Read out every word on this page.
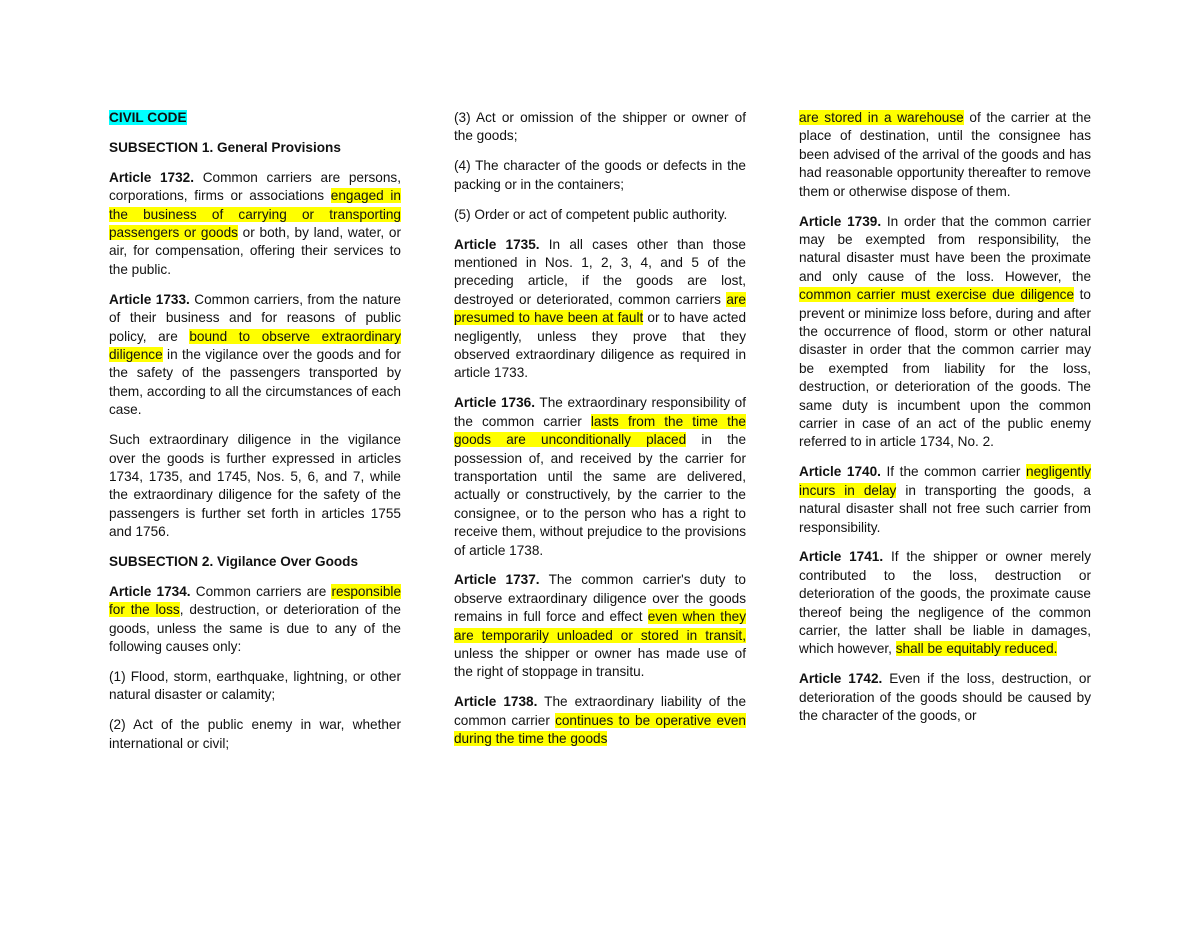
CIVIL CODE

SUBSECTION 1. General Provisions

Article 1732. Common carriers are persons, corporations, firms or associations engaged in the business of carrying or transporting passengers or goods or both, by land, water, or air, for compensation, offering their services to the public.

Article 1733. Common carriers, from the nature of their business and for reasons of public policy, are bound to observe extraordinary diligence in the vigilance over the goods and for the safety of the passengers transported by them, according to all the circumstances of each case.

Such extraordinary diligence in the vigilance over the goods is further expressed in articles 1734, 1735, and 1745, Nos. 5, 6, and 7, while the extraordinary diligence for the safety of the passengers is further set forth in articles 1755 and 1756.

SUBSECTION 2. Vigilance Over Goods

Article 1734. Common carriers are responsible for the loss, destruction, or deterioration of the goods, unless the same is due to any of the following causes only:

(1) Flood, storm, earthquake, lightning, or other natural disaster or calamity;

(2) Act of the public enemy in war, whether international or civil;

(3) Act or omission of the shipper or owner of the goods;

(4) The character of the goods or defects in the packing or in the containers;

(5) Order or act of competent public authority.

Article 1735. In all cases other than those mentioned in Nos. 1, 2, 3, 4, and 5 of the preceding article, if the goods are lost, destroyed or deteriorated, common carriers are presumed to have been at fault or to have acted negligently, unless they prove that they observed extraordinary diligence as required in article 1733.

Article 1736. The extraordinary responsibility of the common carrier lasts from the time the goods are unconditionally placed in the possession of, and received by the carrier for transportation until the same are delivered, actually or constructively, by the carrier to the consignee, or to the person who has a right to receive them, without prejudice to the provisions of article 1738.

Article 1737. The common carrier's duty to observe extraordinary diligence over the goods remains in full force and effect even when they are temporarily unloaded or stored in transit, unless the shipper or owner has made use of the right of stoppage in transitu.

Article 1738. The extraordinary liability of the common carrier continues to be operative even during the time the goods

are stored in a warehouse of the carrier at the place of destination, until the consignee has been advised of the arrival of the goods and has had reasonable opportunity thereafter to remove them or otherwise dispose of them.

Article 1739. In order that the common carrier may be exempted from responsibility, the natural disaster must have been the proximate and only cause of the loss. However, the common carrier must exercise due diligence to prevent or minimize loss before, during and after the occurrence of flood, storm or other natural disaster in order that the common carrier may be exempted from liability for the loss, destruction, or deterioration of the goods. The same duty is incumbent upon the common carrier in case of an act of the public enemy referred to in article 1734, No. 2.

Article 1740. If the common carrier negligently incurs in delay in transporting the goods, a natural disaster shall not free such carrier from responsibility.

Article 1741. If the shipper or owner merely contributed to the loss, destruction or deterioration of the goods, the proximate cause thereof being the negligence of the common carrier, the latter shall be liable in damages, which however, shall be equitably reduced.

Article 1742. Even if the loss, destruction, or deterioration of the goods should be caused by the character of the goods, or
